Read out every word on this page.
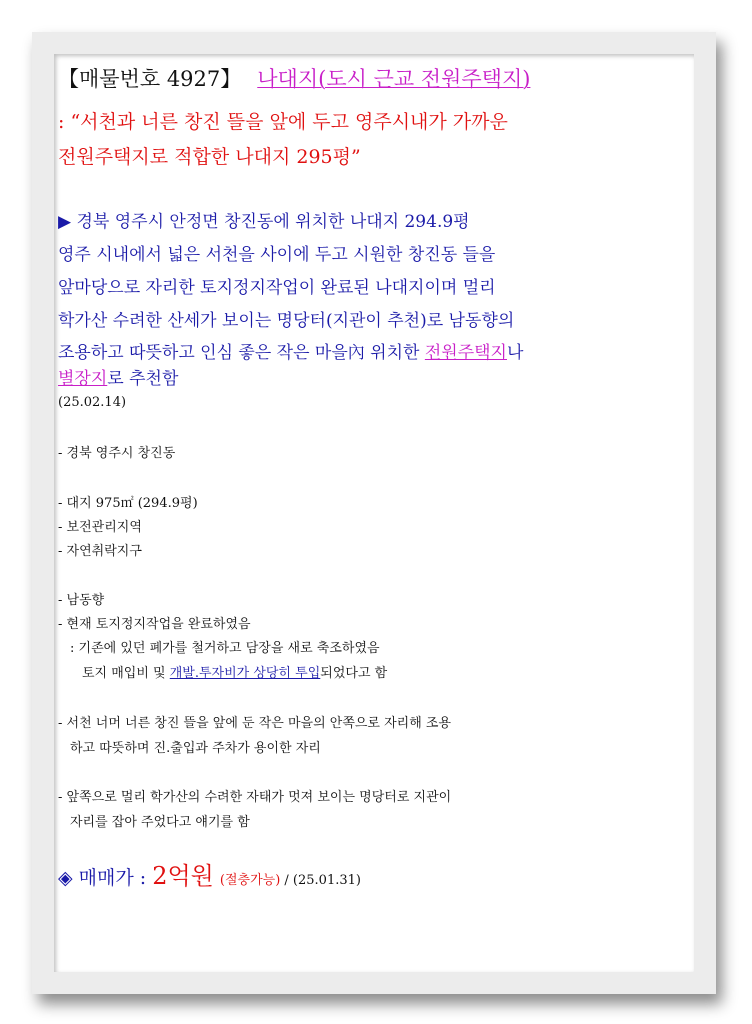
【매물번호 4927】 나대지(도시 근교 전원주택지)
: “서천과 너른 창진 뜰을 앞에 두고 영주시내가 가까운
전원주택지로 적합한 나대지 295평”
▶ 경북 영주시 안정면 창진동에 위치한 나대지 294.9평
영주 시내에서 넓은 서천을 사이에 두고 시원한 창진동 들을
앞마당으로 자리한 토지정지작업이 완료된 나대지이며 멀리
학가산 수려한 산세가 보이는 명당터(지관이 추천)로 남동향의
조용하고 따뜻하고 인심 좋은 작은 마을內 위치한 전원주택지나
별장지로 추천함
(25.02.14)
- 경북 영주시 창진동
- 대지 975㎡ (294.9평)
- 보전관리지역
- 자연취락지구
- 남동향
- 현재 토지정지작업을 완료하였음
: 기존에 있던 폐가를 철거하고 담장을 새로 축조하였음
토지 매입비 및 개발.투자비가 상당히 투입되었다고 함
- 서천 너머 너른 창진 뜰을 앞에 둔 작은 마을의 안쪽으로 자리해 조용
하고 따뜻하며 진.출입과 주차가 용이한 자리
- 앞쪽으로 멀리 학가산의 수려한 자태가 멋져 보이는 명당터로 지관이
자리를 잡아 주었다고 얘기를 함
◈ 매매가 : 2억원 (절충가능) / (25.01.31)
